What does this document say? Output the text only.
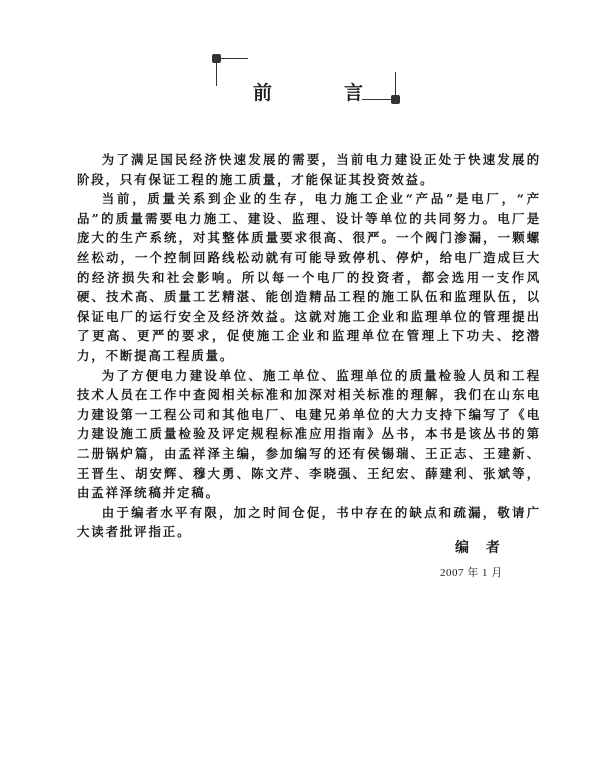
前	言

为了满足国民经济快速发展的需要，当前电力建设正处于快速发展的阶段，只有保证工程的施工质量，才能保证其投资效益。

当前，质量关系到企业的生存，电力施工企业“产品”是电厂，“产品”的质量需要电力施工、建设、监理、设计等单位的共同努力。电厂是庞大的生产系统，对其整体质量要求很高、很严。一个阀门渗漏，一颗螺丝松动，一个控制回路线松动就有可能导致停机、停炉，给电厂造成巨大的经济损失和社会影响。所以每一个电厂的投资者，都会选用一支作风硬、技术高、质量工艺精湛、能创造精品工程的施工队伍和监理队伍，以保证电厂的运行安全及经济效益。这就对施工企业和监理单位的管理提出了更高、更严的要求，促使施工企业和监理单位在管理上下功夫、挖潜力，不断提高工程质量。

为了方便电力建设单位、施工单位、监理单位的质量检验人员和工程技术人员在工作中查阅相关标准和加深对相关标准的理解，我们在山东电力建设第一工程公司和其他电厂、电建兄弟单位的大力支持下编写了《电力建设施工质量检验及评定规程标准应用指南》丛书，本书是该丛书的第二册锅炉篇，由孟祥泽主编，参加编写的还有侯锡瑞、王正志、王建新、王晋生、胡安辉、穆大勇、陈文芹、李晓强、王纪宏、薛建利、张斌等，由孟祥泽统稿并定稿。

由于编者水平有限，加之时间仓促，书中存在的缺点和疏漏，敬请广大读者批评指正。

编 者
2007 年 1 月
